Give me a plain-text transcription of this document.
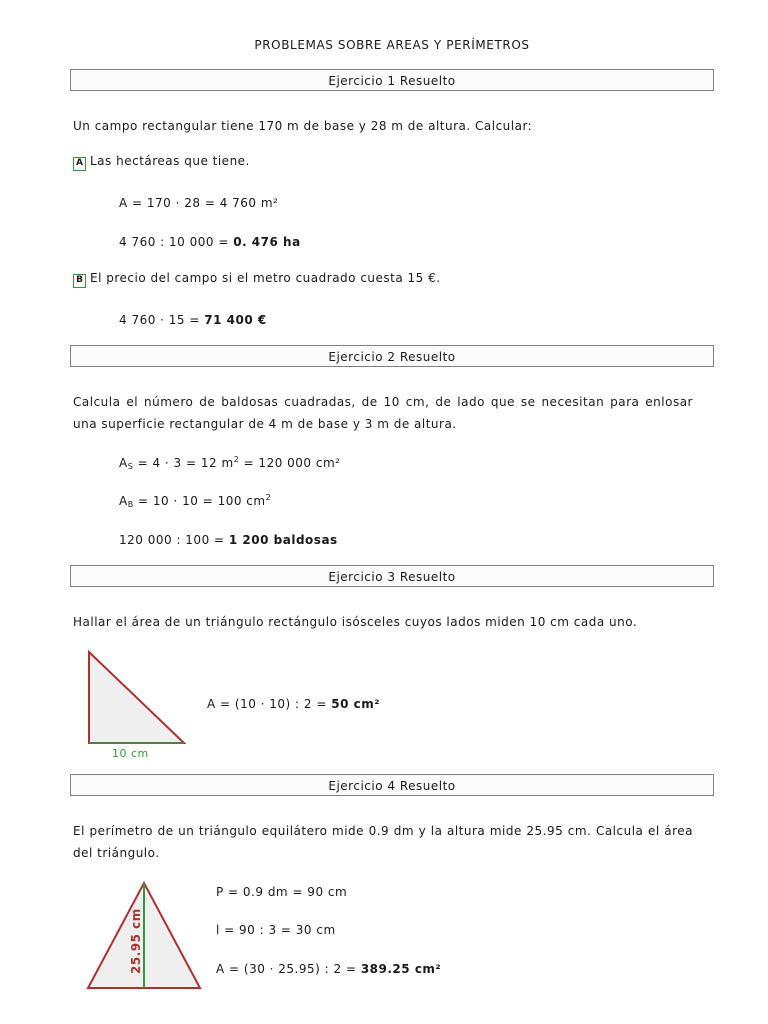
PROBLEMAS SOBRE AREAS Y PERÍMETROS
Ejercicio 1 Resuelto
Un campo rectangular tiene 170 m de base y 28 m de altura. Calcular:
A Las hectáreas que tiene.
A = 170 · 28 = 4 760 m²
4 760 : 10 000 = 0. 476 ha
B El precio del campo si el metro cuadrado cuesta 15 €.
4 760 · 15 = 71 400 €
Ejercicio 2 Resuelto
Calcula el número de baldosas cuadradas, de 10 cm, de lado que se necesitan para enlosar una superficie rectangular de 4 m de base y 3 m de altura.
$A_S = 4 \cdot 3 = 12$ $m^2 = 120$ 000 cm²
$A_B = 10 \cdot 10 = 100$ $cm^2$
120 000 : 100 = 1 200 baldosas
Ejercicio 3 Resuelto
Hallar el área de un triángulo rectángulo isósceles cuyos lados miden 10 cm cada uno.
10 cm
A = (10 · 10) : 2 = 50 cm²
Ejercicio 4 Resuelto
El perímetro de un triángulo equilátero mide 0.9 dm y la altura mide 25.95 cm. Calcula el área del triángulo.
25.95 cm
P = 0.9 dm = 90 cm
l = 90 : 3 = 30 cm
A = (30 · 25.95) : 2 = 389.25 cm²
